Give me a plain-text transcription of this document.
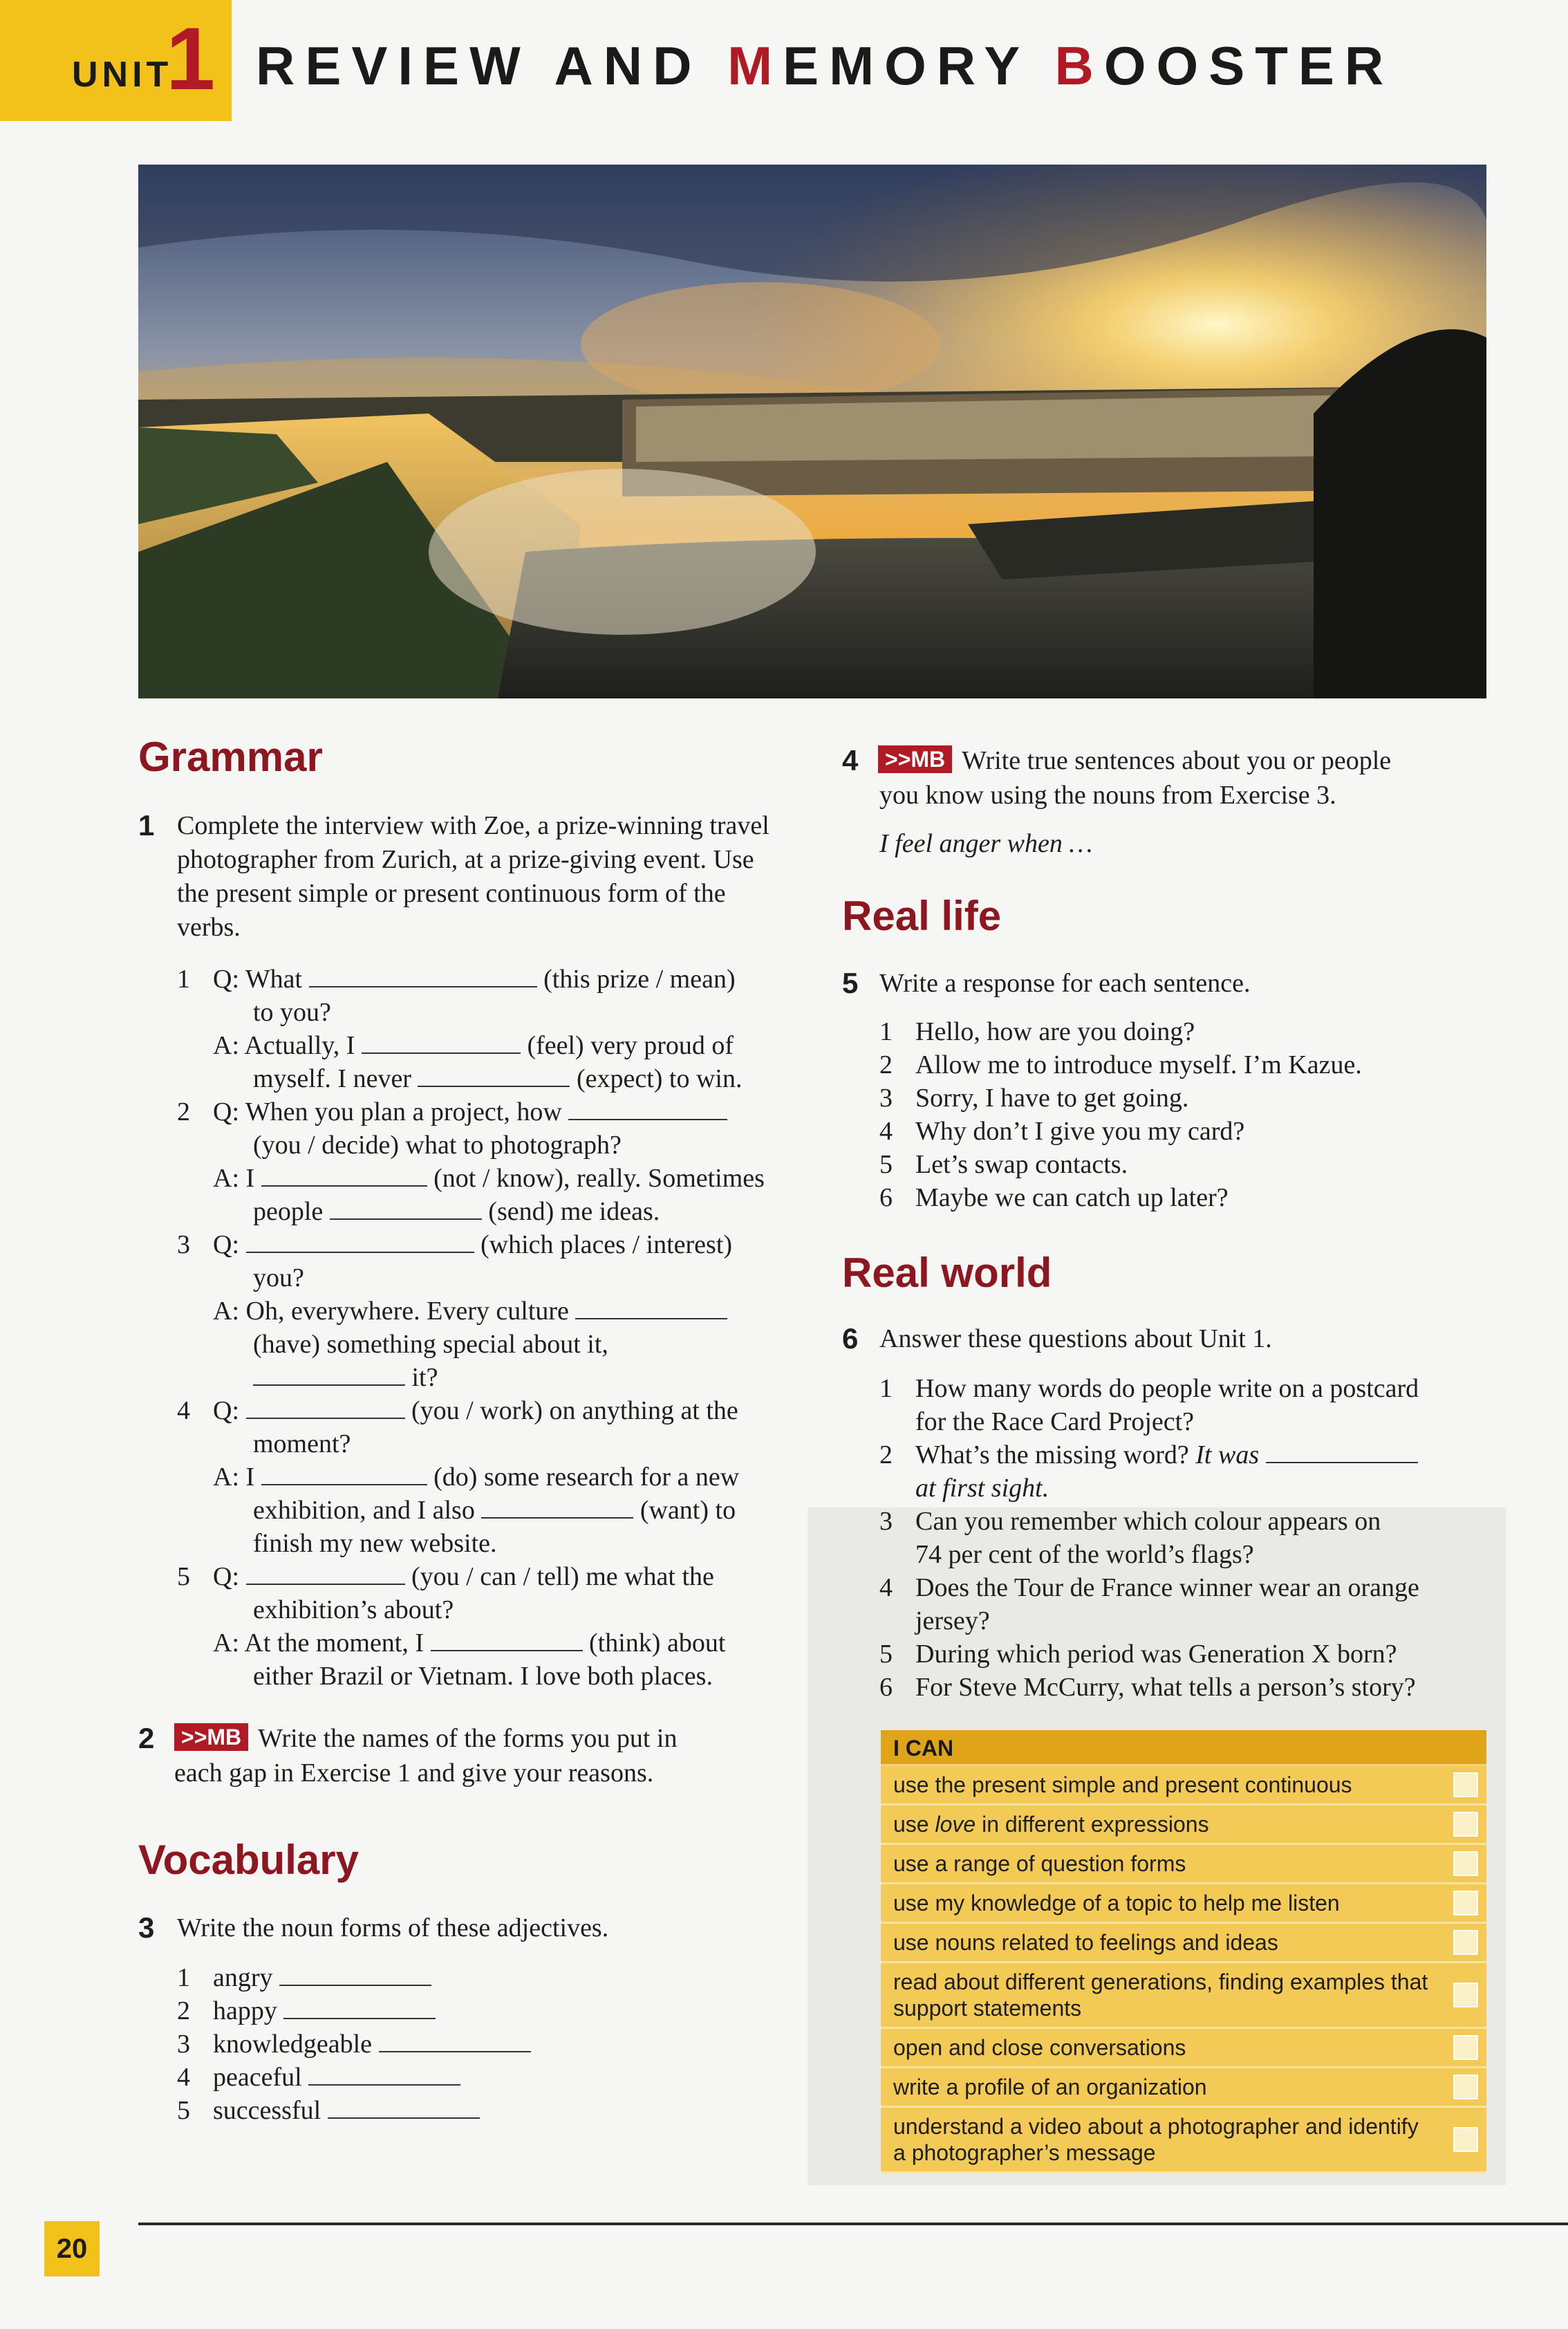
UNIT
1 REVIEW AND MEMORY BOOSTER
Grammar
1 Complete the interview with Zoe, a prize-winning travel photographer from Zurich, at a prize-giving event. Use the present simple or present continuous form of the verbs.
1 Q: What	(this prize / mean)
to you?
A: Actually, I	(feel) very proud of
myself. I never	(expect) to win.
2 Q: When you plan a project, how
(you / decide) what to photograph?
A: I	(not / know), really. Sometimes
people	(send) me ideas.
3 Q:	(which places / interest)
you?
A: Oh, everywhere. Every culture
(have) something special about it,
it?
4 Q:	(you / work) on anything at the
moment?
A: I	(do) some research for a new
exhibition, and I also	(want) to
finish my new website.
5 Q:	(you / can / tell) me what the
exhibition’s about?
A: At the moment, I	(think) about
either Brazil or Vietnam. I love both places.
2	>>MB Write the names of the forms you put in
each gap in Exercise 1 and give your reasons.
Vocabulary
3 Write the noun forms of these adjectives.
1 angry
2 happy
3 knowledgeable
4 peaceful
5 successful
4	>>MB Write true sentences about you or people
you know using the nouns from Exercise 3.
I feel anger when …
Real life
5 Write a response for each sentence.
1 Hello, how are you doing?
2 Allow me to introduce myself. I’m Kazue.
3 Sorry, I have to get going.
4 Why don’t I give you my card?
5 Let’s swap contacts.
6 Maybe we can catch up later?
Real world
6 Answer these questions about Unit 1.
1 How many words do people write on a postcard
for the Race Card Project?
2 What’s the missing word? It was
at first sight.
3 Can you remember which colour appears on
74 per cent of the world’s flags?
4 Does the Tour de France winner wear an orange
jersey?
5 During which period was Generation X born?
6 For Steve McCurry, what tells a person’s story?
I CAN
use the present simple and present continuous
use love in different expressions
use a range of question forms
use my knowledge of a topic to help me listen
use nouns related to feelings and ideas
read about different generations, finding examples that support statements
open and close conversations
write a profile of an organization
understand a video about a photographer and identify a photographer’s message
20
